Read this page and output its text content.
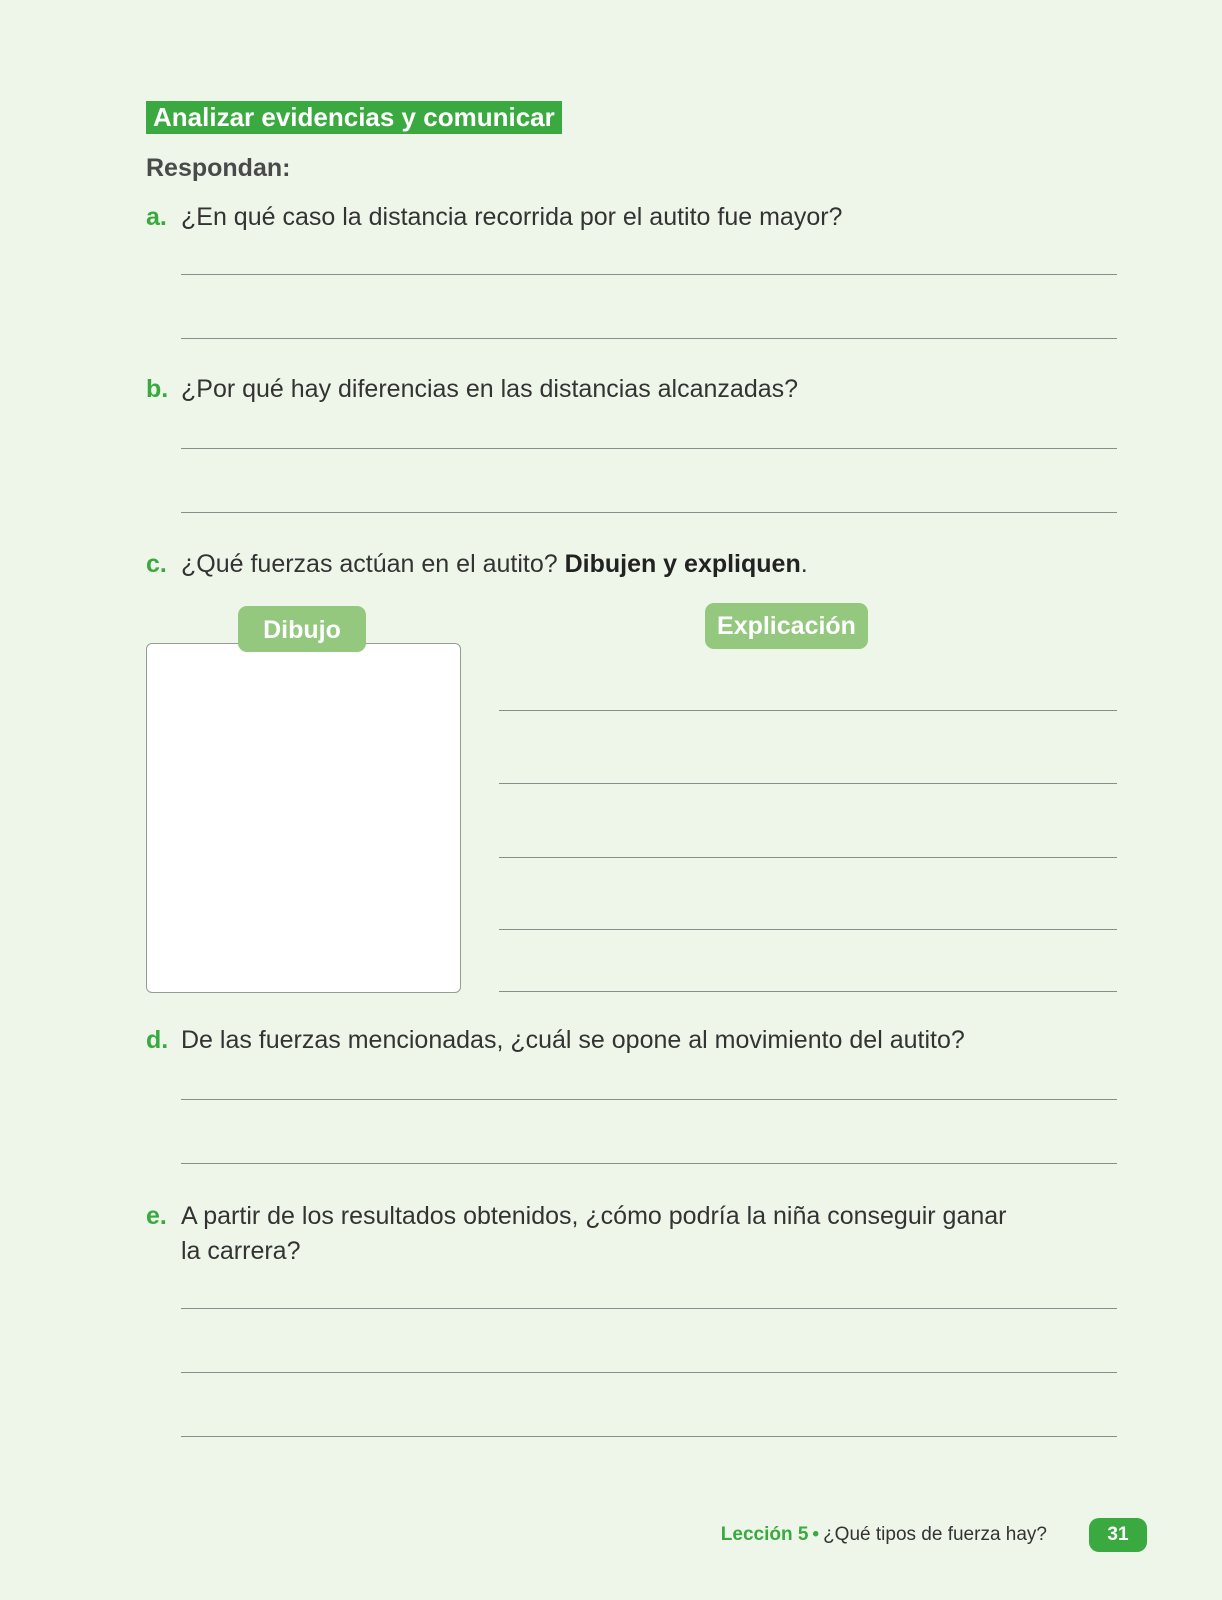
Analizar evidencias y comunicar
Respondan:
a. ¿En qué caso la distancia recorrida por el autito fue mayor?
b. ¿Por qué hay diferencias en las distancias alcanzadas?
c. ¿Qué fuerzas actúan en el autito? Dibujen y expliquen.
Dibujo	Explicación
d. De las fuerzas mencionadas, ¿cuál se opone al movimiento del autito?
e. A partir de los resultados obtenidos, ¿cómo podría la niña conseguir ganar
la carrera?
Lección 5 • ¿Qué tipos de fuerza hay?	31
